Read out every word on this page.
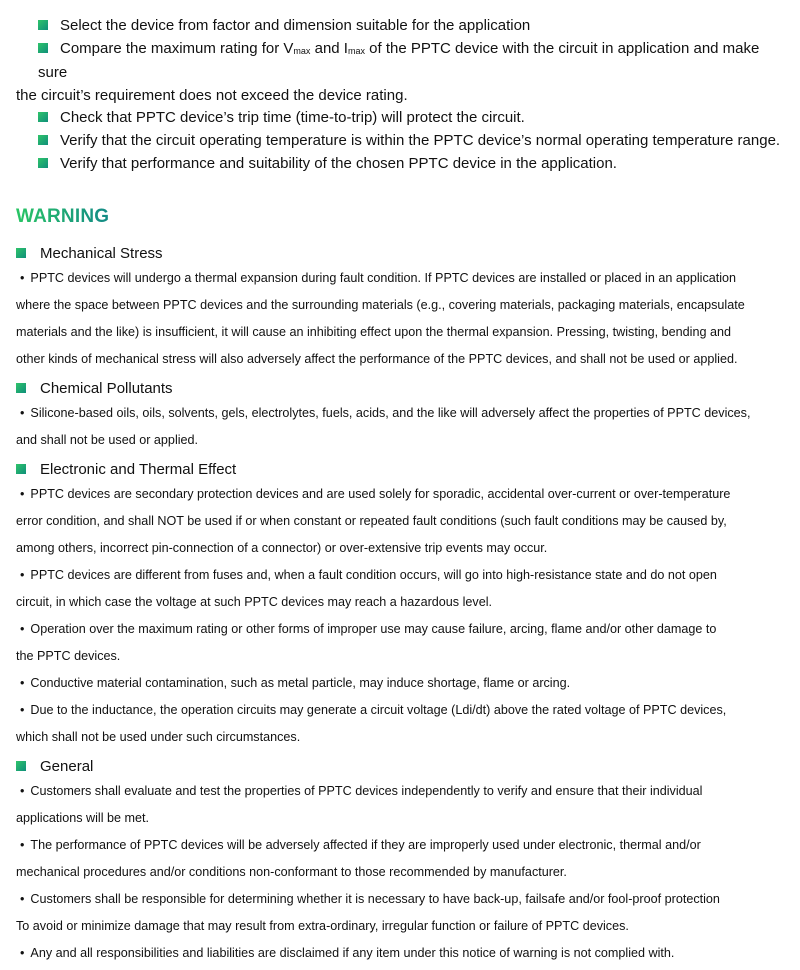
Select the device from factor and dimension suitable for the application
Compare the maximum rating for Vmax and Imax of the PPTC device with the circuit in application and make sure
the circuit’s requirement does not exceed the device rating.
Check that PPTC device’s trip time (time-to-trip) will protect the circuit.
Verify that the circuit operating temperature is within the PPTC device’s normal operating temperature range.
Verify that performance and suitability of the chosen PPTC device in the application.
WARNING

Mechanical Stress

• PPTC devices will undergo a thermal expansion during fault condition. If PPTC devices are installed or placed in an application
where the space between PPTC devices and the surrounding materials (e.g., covering materials, packaging materials, encapsulate
materials and the like) is insufficient, it will cause an inhibiting effect upon the thermal expansion. Pressing, twisting, bending and
other kinds of mechanical stress will also adversely affect the performance of the PPTC devices, and shall not be used or applied.

Chemical Pollutants

• Silicone-based oils, oils, solvents, gels, electrolytes, fuels, acids, and the like will adversely affect the properties of PPTC devices,
and shall not be used or applied.

Electronic and Thermal Effect

• PPTC devices are secondary protection devices and are used solely for sporadic, accidental over-current or over-temperature
error condition, and shall NOT be used if or when constant or repeated fault conditions (such fault conditions may be caused by,
among others, incorrect pin-connection of a connector) or over-extensive trip events may occur.

• PPTC devices are different from fuses and, when a fault condition occurs, will go into high-resistance state and do not open
circuit, in which case the voltage at such PPTC devices may reach a hazardous level.

• Operation over the maximum rating or other forms of improper use may cause failure, arcing, flame and/or other damage to
the PPTC devices.

• Conductive material contamination, such as metal particle, may induce shortage, flame or arcing.

• Due to the inductance, the operation circuits may generate a circuit voltage (Ldi/dt) above the rated voltage of PPTC devices,
which shall not be used under such circumstances.

General

• Customers shall evaluate and test the properties of PPTC devices independently to verify and ensure that their individual
applications will be met.

• The performance of PPTC devices will be adversely affected if they are improperly used under electronic, thermal and/or
mechanical procedures and/or conditions non-conformant to those recommended by manufacturer.

• Customers shall be responsible for determining whether it is necessary to have back-up, failsafe and/or fool-proof protection
To avoid or minimize damage that may result from extra-ordinary, irregular function or failure of PPTC devices.

• Any and all responsibilities and liabilities are disclaimed if any item under this notice of warning is not complied with.
